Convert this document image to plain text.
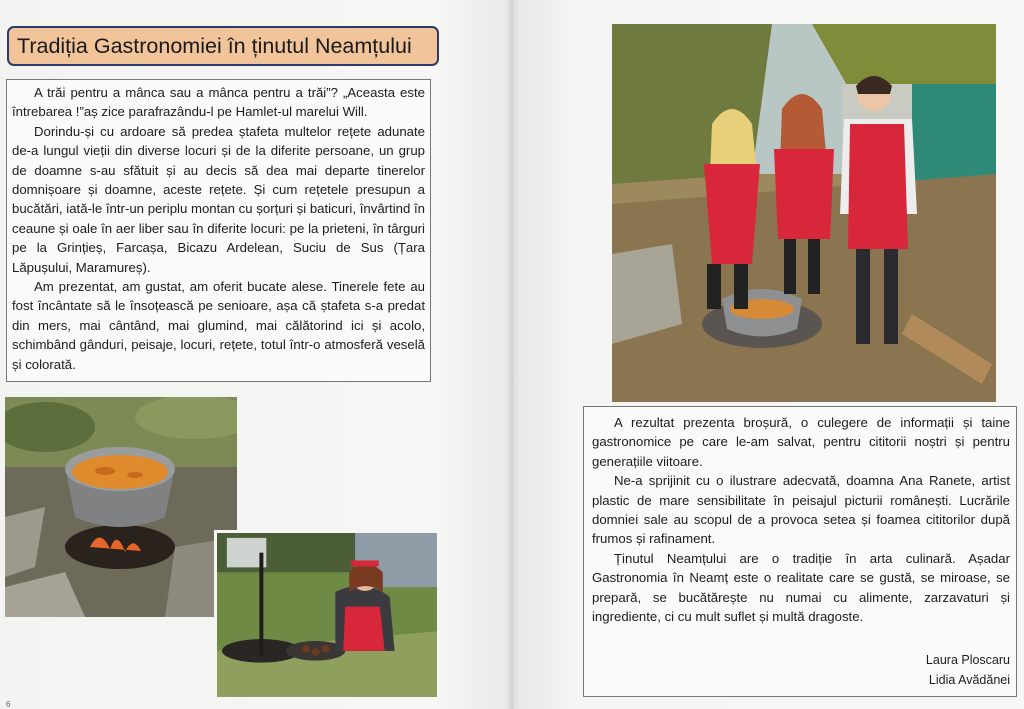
Tradiția Gastronomiei în ținutul Neamțului

A trăi pentru a mânca sau a mânca pentru a trăi”? „Aceasta este întrebarea !”aș zice parafrazându-l pe Hamlet-ul marelui Will.

Dorindu-și cu ardoare să predea ștafeta multelor rețete adunate de-a lungul vieții din diverse locuri și de la diferite persoane, un grup de doamne s-au sfătuit și au decis să dea mai departe tinerelor domnișoare și doamne, aceste rețete. Și cum rețetele presupun a bucătări, iată-le într-un periplu montan cu șorțuri și baticuri, învârtind în ceaune și oale în aer liber sau în diferite locuri: pe la prieteni, în târguri pe la Grințieș, Farcașa, Bicazu Ardelean, Suciu de Sus (Țara Lăpușului, Maramureș).

Am prezentat, am gustat, am oferit bucate alese. Tinerele fete au fost încântate să le însoțească pe senioare, așa că ștafeta s-a predat din mers, mai cântând, mai glumind, mai călătorind ici și acolo, schimbând gânduri, peisaje, locuri, rețete, totul într-o atmosferă veselă și colorată.

A rezultat prezenta broșură, o culegere de informații și taine gastronomice pe care le-am salvat, pentru cititorii noștri și pentru generațiile viitoare.

Ne-a sprijinit cu o ilustrare adecvată, doamna Ana Ranete, artist plastic de mare sensibilitate în peisajul picturii românești. Lucrările domniei sale au scopul de a provoca setea și foamea cititorilor după frumos și rafinament.

Ținutul Neamțului are o tradiție în arta culinară. Așadar Gastronomia în Neamț este o realitate care se gustă, se miroase, se prepară, se bucătărește nu numai cu alimente, zarzavaturi și ingrediente, ci cu mult suflet și multă dragoste.

Laura Ploscaru

Lidia Avădănei

6
